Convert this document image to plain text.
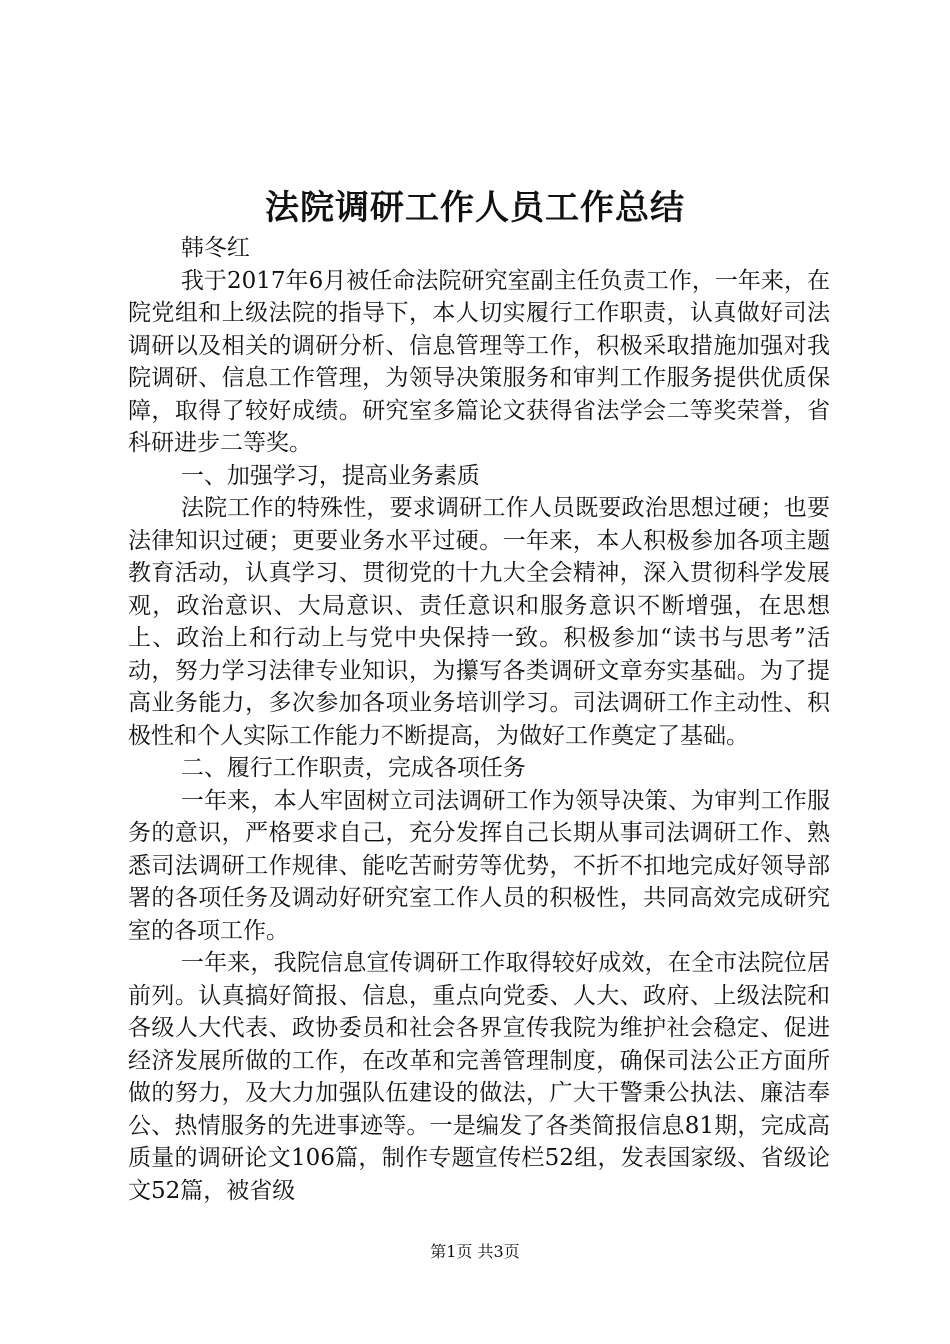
法院调研工作人员工作总结

韩冬红

我于2017年6月被任命法院研究室副主任负责工作，一年来，在院党组和上级法院的指导下，本人切实履行工作职责，认真做好司法调研以及相关的调研分析、信息管理等工作，积极采取措施加强对我院调研、信息工作管理，为领导决策服务和审判工作服务提供优质保障，取得了较好成绩。研究室多篇论文获得省法学会二等奖荣誉，省科研进步二等奖。

一、加强学习，提高业务素质

法院工作的特殊性，要求调研工作人员既要政治思想过硬；也要法律知识过硬；更要业务水平过硬。一年来，本人积极参加各项主题教育活动，认真学习、贯彻党的十九大全会精神，深入贯彻科学发展观，政治意识、大局意识、责任意识和服务意识不断增强，在思想上、政治上和行动上与党中央保持一致。积极参加“读书与思考”活动，努力学习法律专业知识，为攥写各类调研文章夯实基础。为了提高业务能力，多次参加各项业务培训学习。司法调研工作主动性、积极性和个人实际工作能力不断提高，为做好工作奠定了基础。

二、履行工作职责，完成各项任务

一年来，本人牢固树立司法调研工作为领导决策、为审判工作服务的意识，严格要求自己，充分发挥自己长期从事司法调研工作、熟悉司法调研工作规律、能吃苦耐劳等优势，不折不扣地完成好领导部署的各项任务及调动好研究室工作人员的积极性，共同高效完成研究室的各项工作。

一年来，我院信息宣传调研工作取得较好成效，在全市法院位居前列。认真搞好简报、信息，重点向党委、人大、政府、上级法院和各级人大代表、政协委员和社会各界宣传我院为维护社会稳定、促进经济发展所做的工作，在改革和完善管理制度，确保司法公正方面所做的努力，及大力加强队伍建设的做法，广大干警秉公执法、廉洁奉公、热情服务的先进事迹等。一是编发了各类简报信息81期，完成高质量的调研论文106篇，制作专题宣传栏52组，发表国家级、省级论文52篇，被省级

第1页 共3页
